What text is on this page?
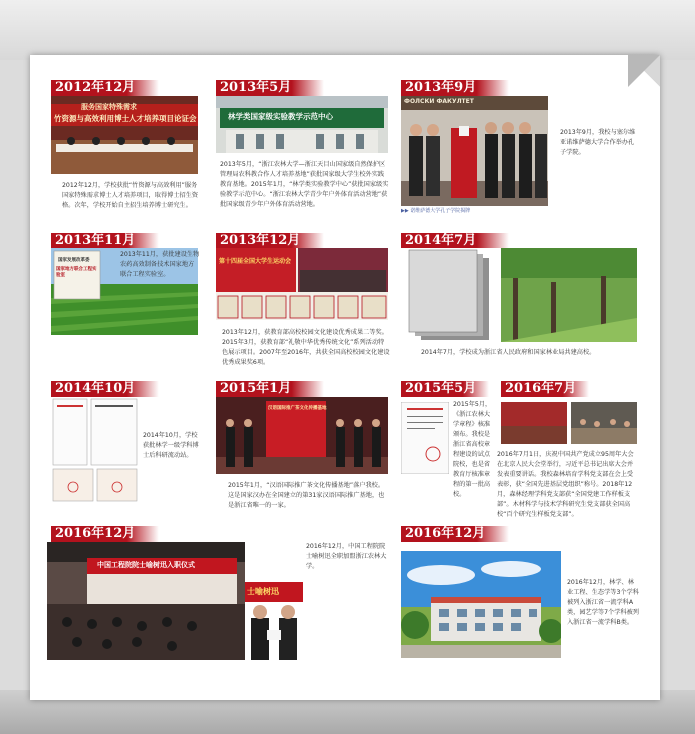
2012年12月
服务国家特殊需求
竹资源与高效利用博士人才培养项目论证会
2012年12月，学校获批“竹资源与高效利用”服务国家特殊需求博士人才培养项目，取得博士招生资格。次年，学校开始自主招生培养博士研究生。
2013年5月
林学类国家级实验教学示范中心
2013年5月，“浙江农林大学—浙江天目山国家级自然保护区管理局农科教合作人才培养基地”获批国家级大学生校外实践教育基地。2015年1月，“林学类实验教学中心”获批国家级实验教学示范中心。“浙江农林大学青少年户外体育活动营地”获批国家级青少年户外体育活动营地。
2013年9月
ФОЛСКИ ФАКУЛТЕТ
▶▶ 诺维萨德大学孔子学院揭牌
2013年9月，我校与塞尔维亚诺维萨德大学合作举办孔子学院。
2013年11月
国家发展改革委
国家地方联合工程实验室
2013年11月，获批建设生物农药高效制备技术国家地方联合工程实验室。
2013年12月
第十四届全国大学生运动会
2013年12月，获教育部高校校园文化建设优秀成果二等奖。2015年3月，获教育部“礼敬中华优秀传统文化”系列活动特色展示项目。2007年至2016年，共获全国高校校园文化建设优秀成果奖6项。
2014年7月
2014年7月，学校成为浙江省人民政府和国家林业局共建高校。
2014年10月
2014年10月，学校获批林学一级学科博士后科研流动站。
2015年1月
汉语国际推广茶文化传播基地
2015年1月，“汉语国际推广茶文化传播基地”落户我校。这是国家汉办在全国建立的第31家汉语国际推广基地，也是浙江省唯一的一家。
2015年5月
2015年5月，《浙江农林大学章程》核准颁布。我校是浙江省高校章程建设的试点院校，也是省教育厅核准章程的第一批高校。
2016年7月
2016年7月1日，庆祝中国共产党成立95周年大会在北京人民大会堂举行，习近平总书记出席大会并发表重要讲话。我校森林培育学科党支部在会上受表彰，获“全国先进基层党组织”称号。2018年12月，森林经理学科党支部获“全国党建工作样板支部”。木材科学与技术学科研究生党支部获全国高校“百个研究生样板党支部”。
2016年12月
中国工程院院士喻树迅入职仪式
士喻树迅
2016年12月，中国工程院院士喻树迅全职加盟浙江农林大学。
2016年12月
2016年12月，林学、林业工程、生态学等3个学科被列入浙江省一流学科A类，园艺学等7个学科被列入浙江省一流学科B类。
